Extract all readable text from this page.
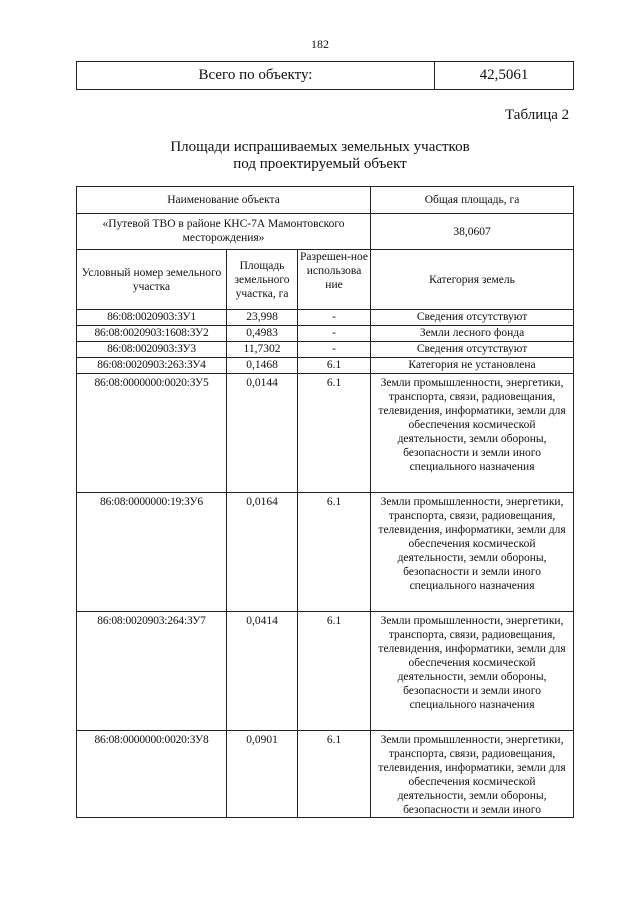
182
Всего по объекту:	42,5061
Таблица 2
Площади испрашиваемых земельных участков
под проектируемый объект
Наименование объекта			Общая площадь, га
«Путевой ТВО в районе КНС-7А Мамонтовского месторождения»			38,0607
Условный номер земельного участка	Площадь земельного участка, га	Разрешен-ное использова ние	Категория земель
86:08:0020903:ЗУ1	23,998	-	Сведения отсутствуют
86:08:0020903:1608:ЗУ2	0,4983	-	Земли лесного фонда
86:08:0020903:ЗУ3	11,7302	-	Сведения отсутствуют
86:08:0020903:263:ЗУ4	0,1468	6.1	Категория не установлена
86:08:0000000:0020:ЗУ5	0,0144	6.1	Земли промышленности, энергетики, транспорта, связи, радиовещания, телевидения, информатики, земли для обеспечения космической деятельности, земли обороны, безопасности и земли иного специального назначения
86:08:0000000:19:ЗУ6	0,0164	6.1	Земли промышленности, энергетики, транспорта, связи, радиовещания, телевидения, информатики, земли для обеспечения космической деятельности, земли обороны, безопасности и земли иного специального назначения
86:08:0020903:264:ЗУ7	0,0414	6.1	Земли промышленности, энергетики, транспорта, связи, радиовещания, телевидения, информатики, земли для обеспечения космической деятельности, земли обороны, безопасности и земли иного специального назначения
86:08:0000000:0020:ЗУ8	0,0901	6.1	Земли промышленности, энергетики, транспорта, связи, радиовещания, телевидения, информатики, земли для обеспечения космической деятельности, земли обороны, безопасности и земли иного
